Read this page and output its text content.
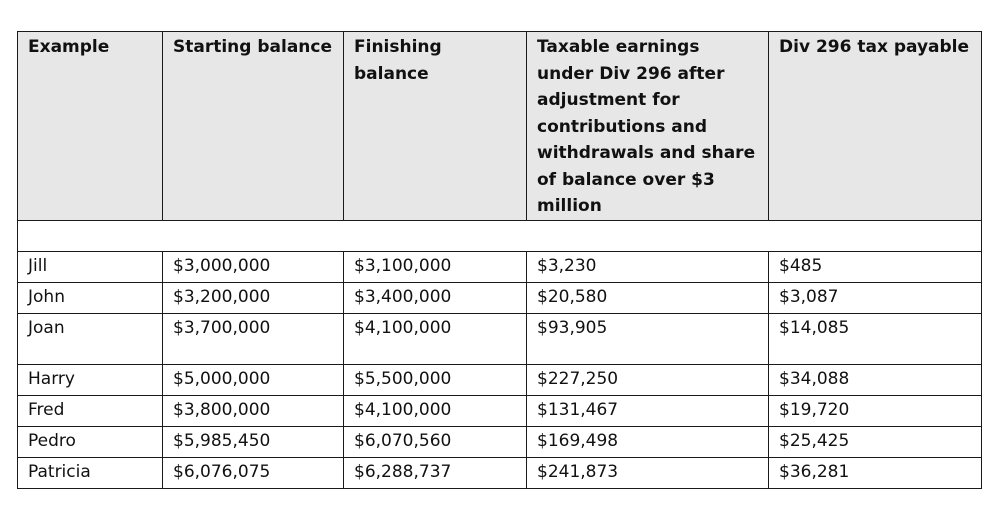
Example	Starting balance	Finishing balance	Taxable earnings under Div 296 after adjustment for contributions and withdrawals and share of balance over $3 million	Div 296 tax payable

Jill	$3,000,000	$3,100,000	$3,230	$485
John	$3,200,000	$3,400,000	$20,580	$3,087
Joan	$3,700,000	$4,100,000	$93,905	$14,085
Harry	$5,000,000	$5,500,000	$227,250	$34,088
Fred	$3,800,000	$4,100,000	$131,467	$19,720
Pedro	$5,985,450	$6,070,560	$169,498	$25,425
Patricia	$6,076,075	$6,288,737	$241,873	$36,281
